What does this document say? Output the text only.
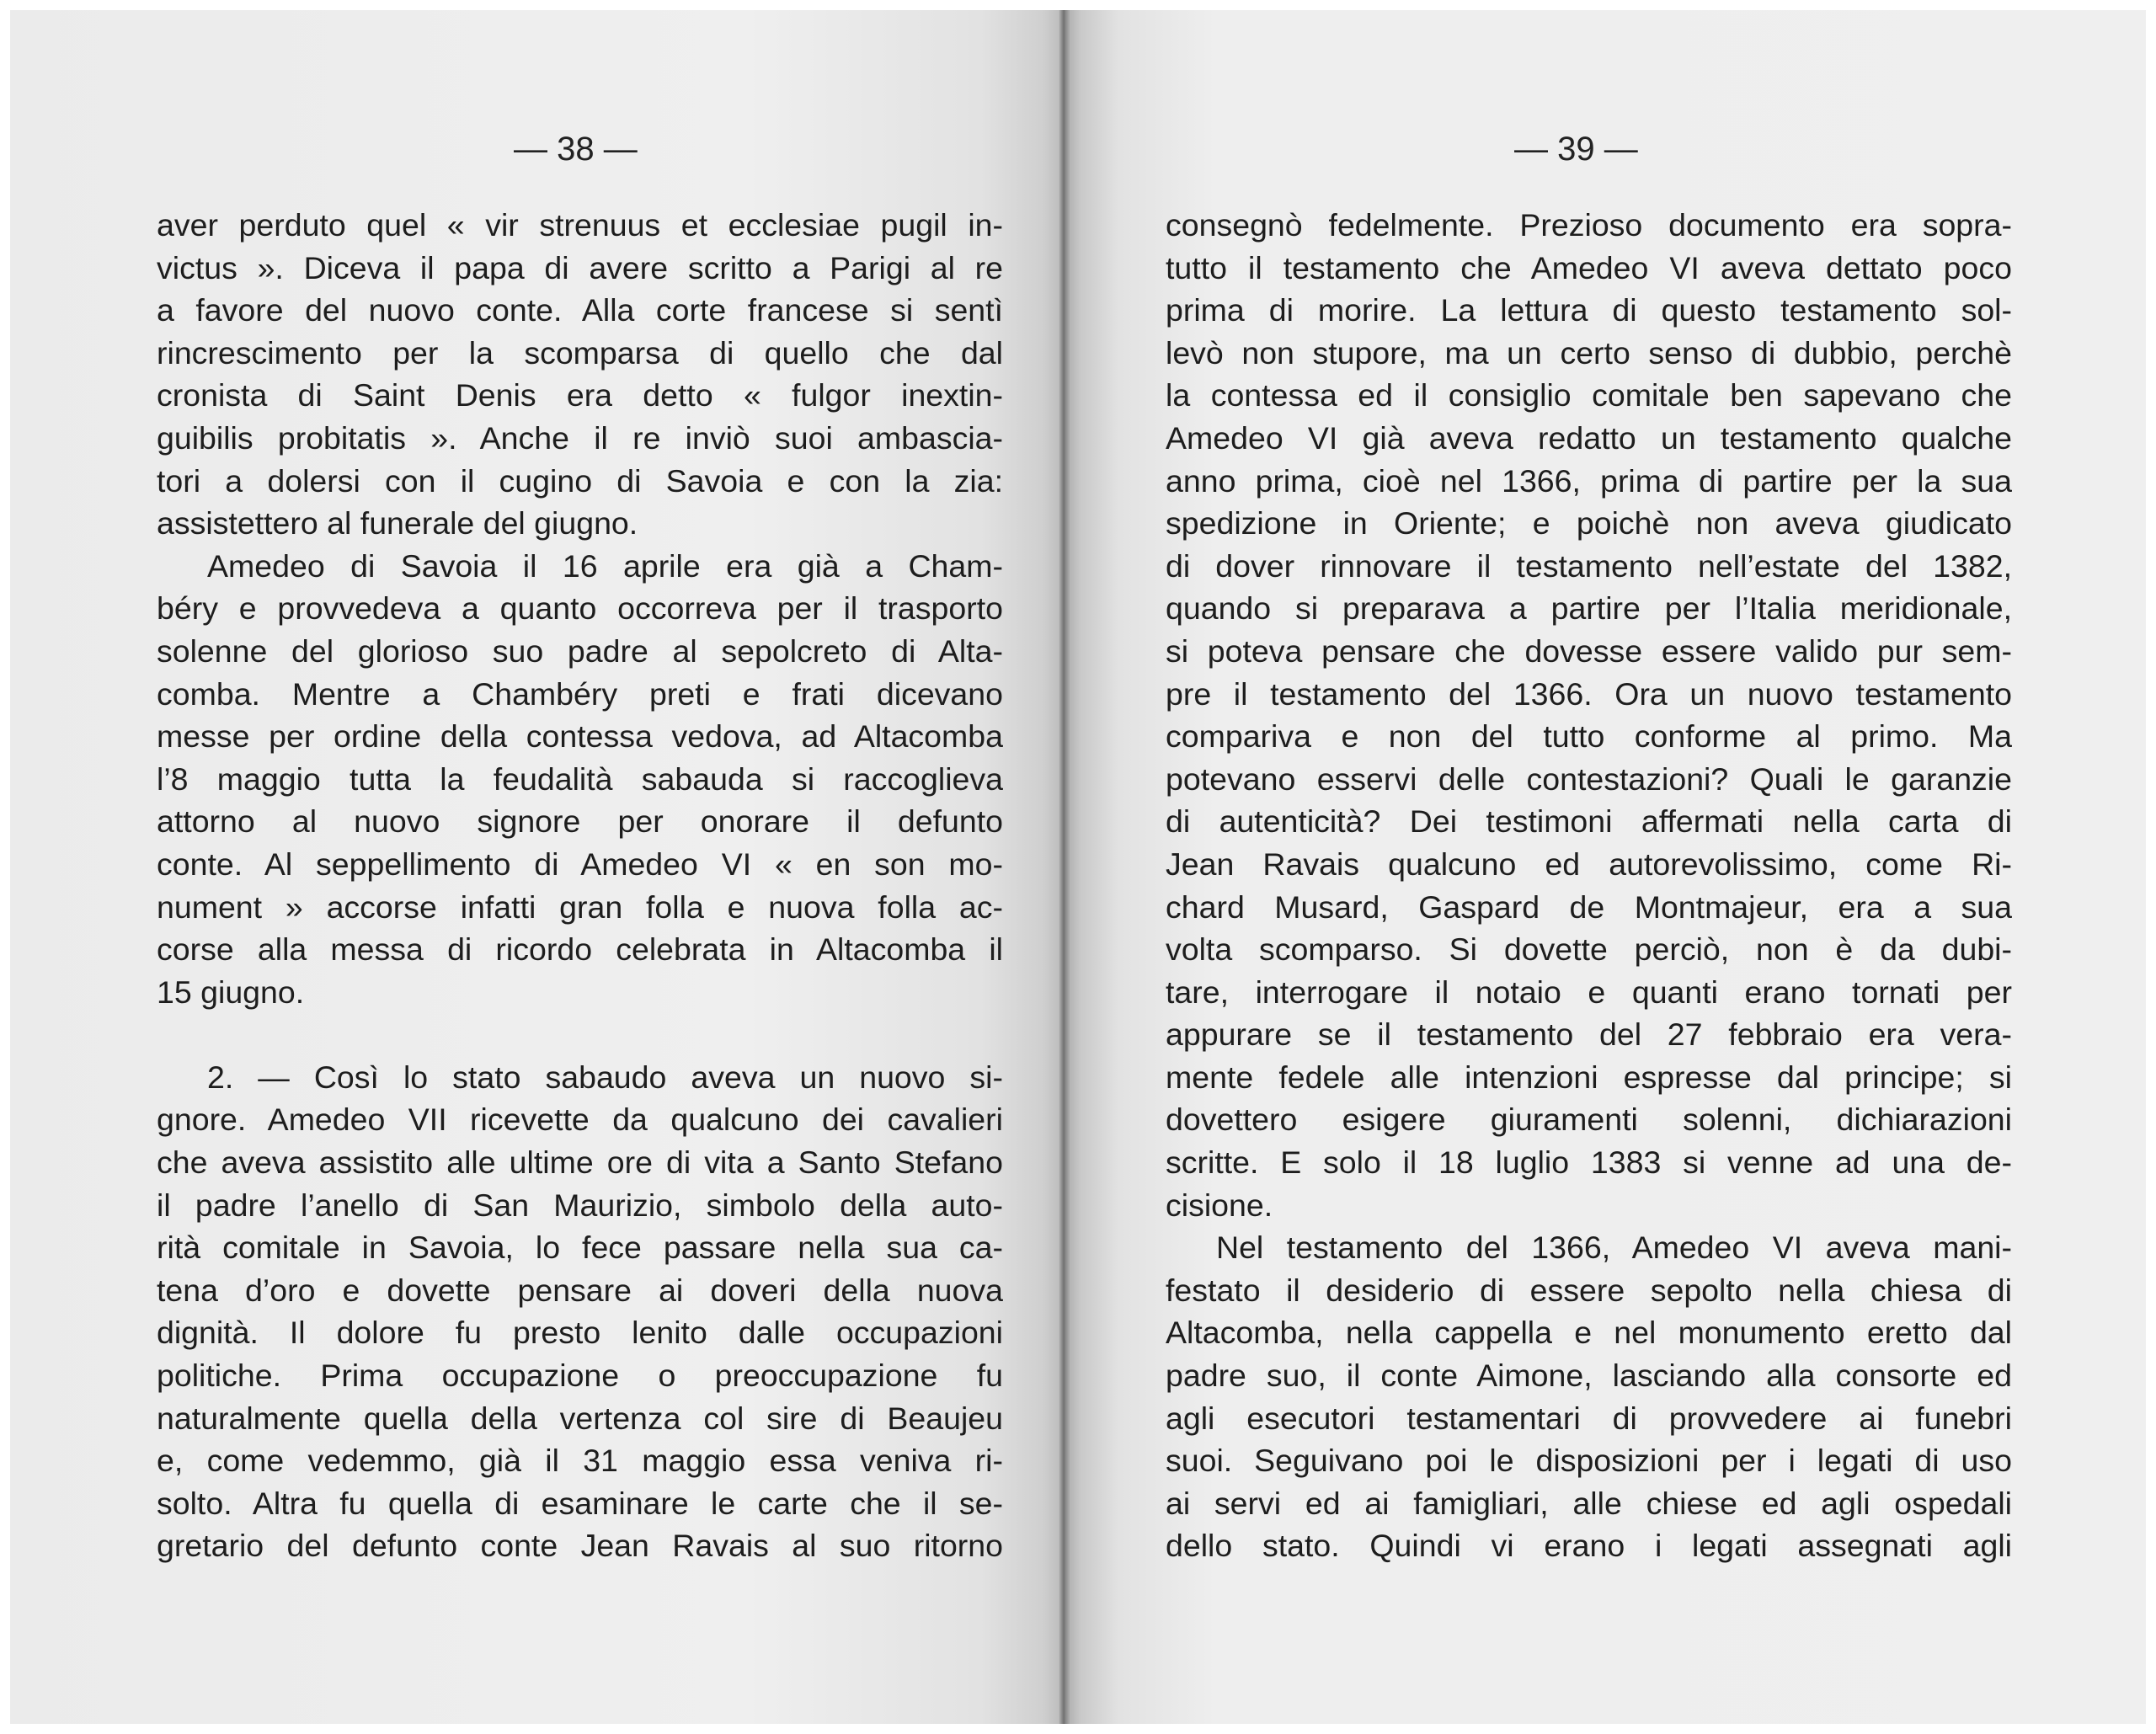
— 38 —
aver perduto quel « vir strenuus et ecclesiae pugil in-
victus ». Diceva il papa di avere scritto a Parigi al re
a favore del nuovo conte. Alla corte francese si sentì
rincrescimento per la scomparsa di quello che dal
cronista di Saint Denis era detto « fulgor inextin-
guibilis probitatis ». Anche il re inviò suoi ambascia-
tori a dolersi con il cugino di Savoia e con la zia:
assistettero al funerale del giugno.
Amedeo di Savoia il 16 aprile era già a Cham-
béry e provvedeva a quanto occorreva per il trasporto
solenne del glorioso suo padre al sepolcreto di Alta-
comba. Mentre a Chambéry preti e frati dicevano
messe per ordine della contessa vedova, ad Altacomba
l’8 maggio tutta la feudalità sabauda si raccoglieva
attorno al nuovo signore per onorare il defunto
conte. Al seppellimento di Amedeo VI « en son mo-
nument » accorse infatti gran folla e nuova folla ac-
corse alla messa di ricordo celebrata in Altacomba il
15 giugno.
2. — Così lo stato sabaudo aveva un nuovo si-
gnore. Amedeo VII ricevette da qualcuno dei cavalieri
che aveva assistito alle ultime ore di vita a Santo Stefano
il padre l’anello di San Maurizio, simbolo della auto-
rità comitale in Savoia, lo fece passare nella sua ca-
tena d’oro e dovette pensare ai doveri della nuova
dignità. Il dolore fu presto lenito dalle occupazioni
politiche. Prima occupazione o preoccupazione fu
naturalmente quella della vertenza col sire di Beaujeu
e, come vedemmo, già il 31 maggio essa veniva ri-
solto. Altra fu quella di esaminare le carte che il se-
gretario del defunto conte Jean Ravais al suo ritorno
— 39 —
consegnò fedelmente. Prezioso documento era sopra-
tutto il testamento che Amedeo VI aveva dettato poco
prima di morire. La lettura di questo testamento sol-
levò non stupore, ma un certo senso di dubbio, perchè
la contessa ed il consiglio comitale ben sapevano che
Amedeo VI già aveva redatto un testamento qualche
anno prima, cioè nel 1366, prima di partire per la sua
spedizione in Oriente; e poichè non aveva giudicato
di dover rinnovare il testamento nell’estate del 1382,
quando si preparava a partire per l’Italia meridionale,
si poteva pensare che dovesse essere valido pur sem-
pre il testamento del 1366. Ora un nuovo testamento
compariva e non del tutto conforme al primo. Ma
potevano esservi delle contestazioni? Quali le garanzie
di autenticità? Dei testimoni affermati nella carta di
Jean Ravais qualcuno ed autorevolissimo, come Ri-
chard Musard, Gaspard de Montmajeur, era a sua
volta scomparso. Si dovette perciò, non è da dubi-
tare, interrogare il notaio e quanti erano tornati per
appurare se il testamento del 27 febbraio era vera-
mente fedele alle intenzioni espresse dal principe; si
dovettero esigere giuramenti solenni, dichiarazioni
scritte. E solo il 18 luglio 1383 si venne ad una de-
cisione.
Nel testamento del 1366, Amedeo VI aveva mani-
festato il desiderio di essere sepolto nella chiesa di
Altacomba, nella cappella e nel monumento eretto dal
padre suo, il conte Aimone, lasciando alla consorte ed
agli esecutori testamentari di provvedere ai funebri
suoi. Seguivano poi le disposizioni per i legati di uso
ai servi ed ai famigliari, alle chiese ed agli ospedali
dello stato. Quindi vi erano i legati assegnati agli
